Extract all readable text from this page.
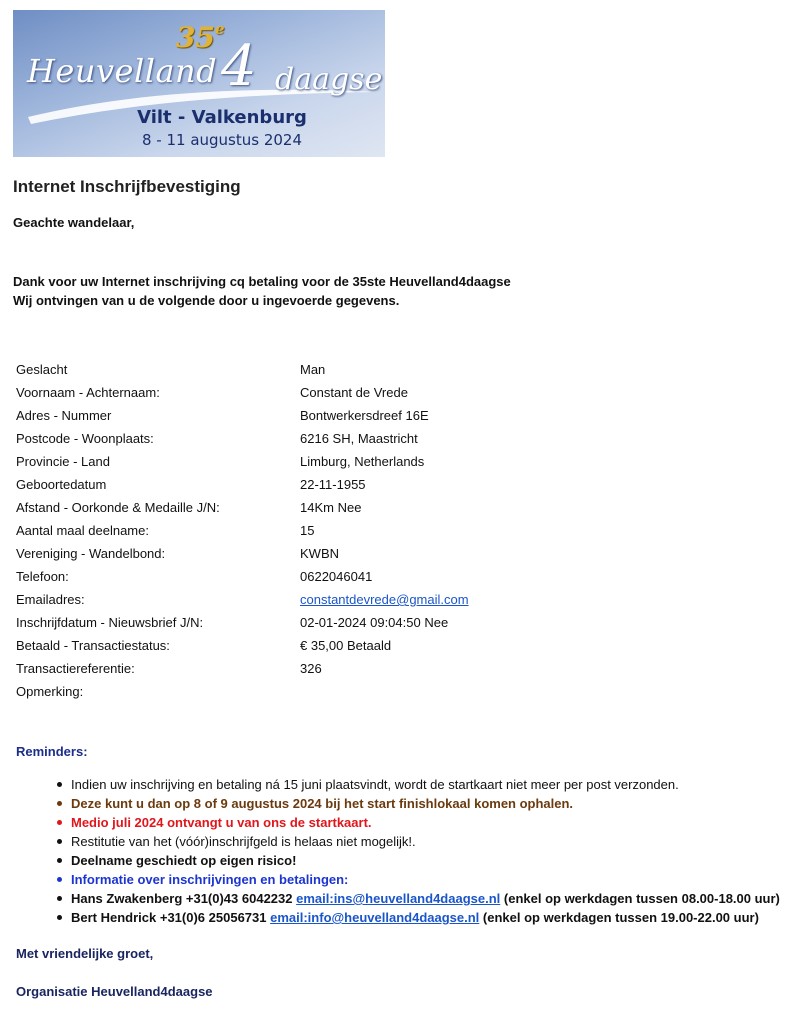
35e
Heuvelland 4 daagse
Vilt - Valkenburg
8 - 11 augustus 2024
Internet Inschrijfbevestiging
Geachte wandelaar,
Dank voor uw Internet inschrijving cq betaling voor de 35ste Heuvelland4daagse
Wij ontvingen van u de volgende door u ingevoerde gegevens.
Geslacht	Man
Voornaam - Achternaam:	Constant de Vrede
Adres - Nummer	Bontwerkersdreef 16E
Postcode - Woonplaats:	6216 SH, Maastricht
Provincie - Land	Limburg, Netherlands
Geboortedatum	22-11-1955
Afstand - Oorkonde & Medaille J/N:	14Km Nee
Aantal maal deelname:	15
Vereniging - Wandelbond:	KWBN
Telefoon:	0622046041
Emailadres:	constantdevrede@gmail.com
Inschrijfdatum - Nieuwsbrief J/N:	02-01-2024 09:04:50 Nee
Betaald - Transactiestatus:	€ 35,00 Betaald
Transactiereferentie:	326
Opmerking:	
Reminders:
Indien uw inschrijving en betaling ná 15 juni plaatsvindt, wordt de startkaart niet meer per post verzonden.
Deze kunt u dan op 8 of 9 augustus 2024 bij het start finishlokaal komen ophalen.
Medio juli 2024 ontvangt u van ons de startkaart.
Restitutie van het (vóór)inschrijfgeld is helaas niet mogelijk!.
Deelname geschiedt op eigen risico!
Informatie over inschrijvingen en betalingen:
Hans Zwakenberg +31(0)43 6042232 email:ins@heuvelland4daagse.nl (enkel op werkdagen tussen 08.00-18.00 uur)
Bert Hendrick +31(0)6 25056731 email:info@heuvelland4daagse.nl (enkel op werkdagen tussen 19.00-22.00 uur)
Met vriendelijke groet,
Organisatie Heuvelland4daagse
